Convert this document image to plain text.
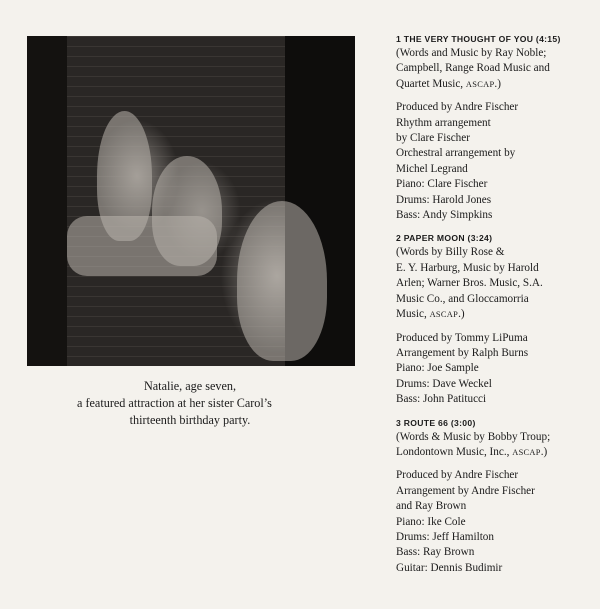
Natalie, age seven,
a featured attraction at her sister Carol’s
thirteenth birthday party.
1 THE VERY THOUGHT OF YOU (4:15)
(Words and Music by Ray Noble;
Campbell, Range Road Music and
Quartet Music, ASCAP.)
Produced by Andre Fischer
Rhythm arrangement
by Clare Fischer
Orchestral arrangement by
Michel Legrand
Piano: Clare Fischer
Drums: Harold Jones
Bass: Andy Simpkins
2 PAPER MOON (3:24)
(Words by Billy Rose &
E. Y. Harburg, Music by Harold
Arlen; Warner Bros. Music, S.A.
Music Co., and Gloccamorria
Music, ASCAP.)
Produced by Tommy LiPuma
Arrangement by Ralph Burns
Piano: Joe Sample
Drums: Dave Weckel
Bass: John Patitucci
3 ROUTE 66 (3:00)
(Words & Music by Bobby Troup;
Londontown Music, Inc., ASCAP.)
Produced by Andre Fischer
Arrangement by Andre Fischer
and Ray Brown
Piano: Ike Cole
Drums: Jeff Hamilton
Bass: Ray Brown
Guitar: Dennis Budimir
